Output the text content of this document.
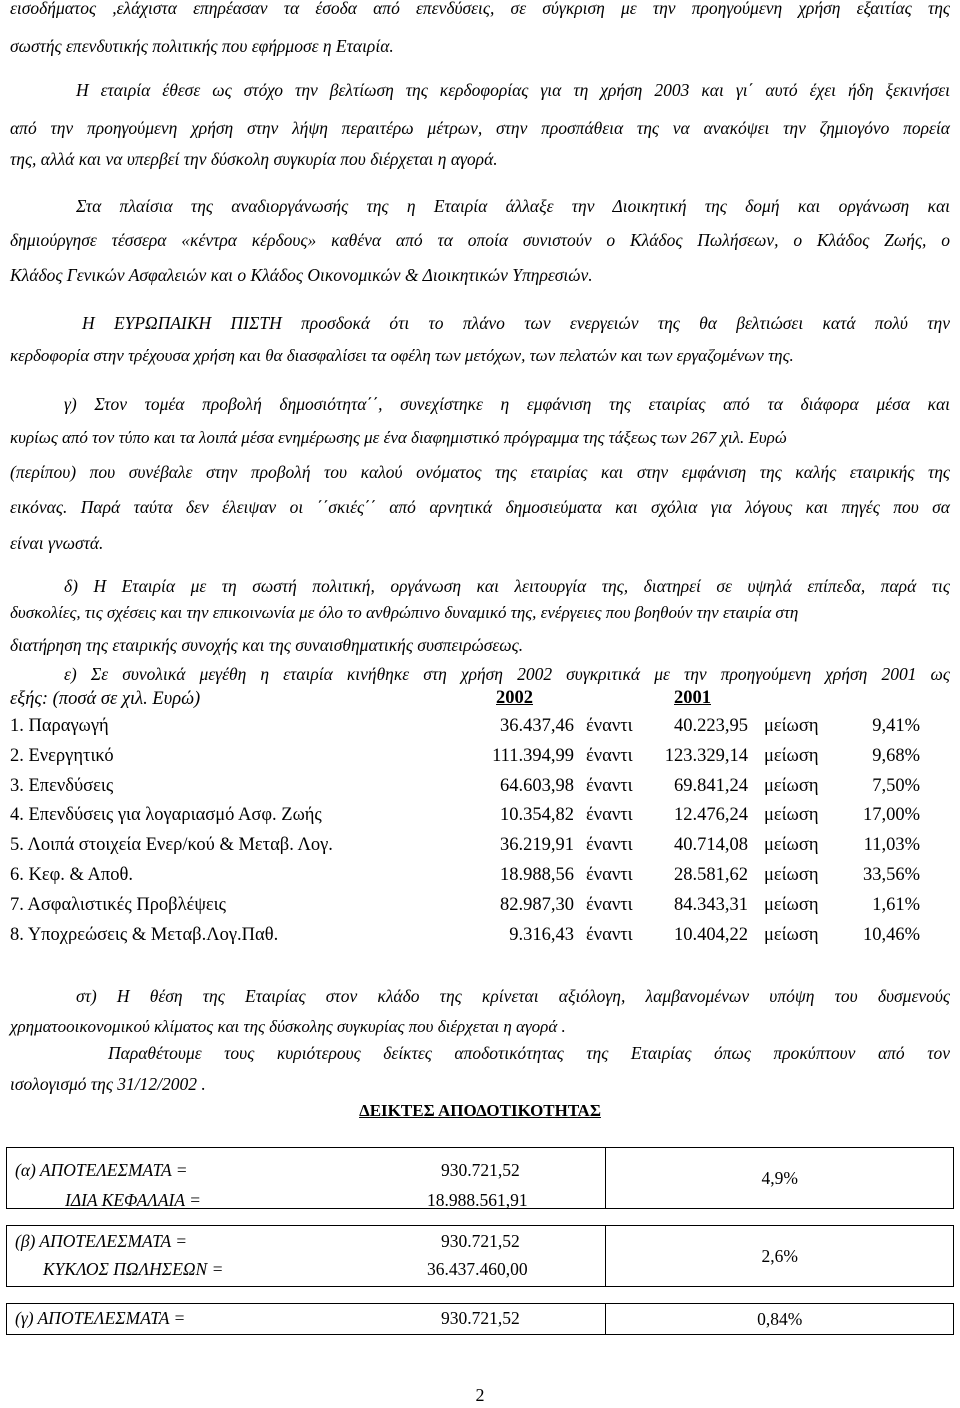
εισοδήματος ,ελάχιστα επηρέασαν τα έσοδα από επενδύσεις, σε σύγκριση με την προηγούμενη χρήση εξαιτίας της
σωστής επενδυτικής πολιτικής που εφήρμοσε η Εταιρία.
Η εταιρία έθεσε ως στόχο την βελτίωση της κερδοφορίας για τη χρήση 2003 και γι΄ αυτό έχει ήδη ξεκινήσει
από την προηγούμενη χρήση στην λήψη περαιτέρω μέτρων, στην προσπάθεια της να ανακόψει την ζημιογόνο πορεία
της, αλλά και να υπερβεί την δύσκολη συγκυρία που διέρχεται η αγορά.
Στα πλαίσια της αναδιοργάνωσής της η Εταιρία άλλαξε την Διοικητική της δομή και οργάνωση και
δημιούργησε τέσσερα «κέντρα κέρδους» καθένα από τα οποία συνιστούν ο Κλάδος Πωλήσεων, ο Κλάδος Ζωής, ο
Κλάδος Γενικών Ασφαλειών και ο Κλάδος Οικονομικών & Διοικητικών Υπηρεσιών.
Η ΕΥΡΩΠΑΙΚΗ ΠΙΣΤΗ προσδοκά ότι το πλάνο των ενεργειών της θα βελτιώσει κατά πολύ την
κερδοφορία στην τρέχουσα χρήση και θα διασφαλίσει τα οφέλη των μετόχων, των πελατών και των εργαζομένων της.
γ) Στον τομέα προβολή δημοσιότητα΄΄, συνεχίστηκε η εμφάνιση της εταιρίας από τα διάφορα μέσα και
κυρίως από τον τύπο και τα λοιπά μέσα ενημέρωσης με ένα διαφημιστικό πρόγραμμα της τάξεως των 267 χιλ. Ευρώ
(περίπου) που συνέβαλε στην προβολή του καλού ονόματος της εταιρίας και στην εμφάνιση της καλής εταιρικής της
εικόνας. Παρά ταύτα δεν έλειψαν οι ΄΄σκιές΄΄ από αρνητικά δημοσιεύματα και σχόλια για λόγους και πηγές που σα
είναι γνωστά.
δ) Η Εταιρία με τη σωστή πολιτική, οργάνωση και λειτουργία της, διατηρεί σε υψηλά επίπεδα, παρά τις
δυσκολίες, τις σχέσεις και την επικοινωνία με όλο το ανθρώπινο δυναμικό της, ενέργειες που βοηθούν την εταιρία στη
διατήρηση της εταιρικής συνοχής και της συναισθηματικής συσπειρώσεως.
ε) Σε συνολικά μεγέθη η εταιρία κινήθηκε στη χρήση 2002 συγκριτικά με την προηγούμενη χρήση 2001 ως
εξής: (ποσά σε χιλ. Ευρώ)	2002	2001
1. Παραγωγή	36.437,46 έναντι 40.223,95 μείωση	9,41%
2. Ενεργητικό	111.394,99 έναντι 123.329,14 μείωση	9,68%
3. Επενδύσεις	64.603,98 έναντι 69.841,24 μείωση	7,50%
4. Επενδύσεις για λογαριασμό Ασφ. Ζωής	10.354,82 έναντι 12.476,24 μείωση 17,00%
5. Λοιπά στοιχεία Ενερ/κού & Μεταβ. Λογ.	36.219,91 έναντι 40.714,08 μείωση 11,03%
6. Κεφ. & Αποθ.	18.988,56 έναντι 28.581,62 μείωση 33,56%
7. Ασφαλιστικές Προβλέψεις	82.987,30 έναντι 84.343,31 μείωση	1,61%
8. Υποχρεώσεις & Μεταβ.Λογ.Παθ.	9.316,43 έναντι 10.404,22 μείωση 10,46%
στ) Η θέση της Εταιρίας στον κλάδο της κρίνεται αξιόλογη, λαμβανομένων υπόψη του δυσμενούς
χρηματοοικονομικού κλίματος και της δύσκολης συγκυρίας που διέρχεται η αγορά .
Παραθέτουμε τους κυριότερους δείκτες αποδοτικότητας της Εταιρίας όπως προκύπτουν από τον
ισολογισμό της 31/12/2002 .
ΔΕΙΚΤΕΣ ΑΠΟΔΟΤΙΚΟΤΗΤΑΣ
(α) ΑΠΟΤΕΛΕΣΜΑΤΑ = 930.721,52
ΙΔΙΑ ΚΕΦΑΛΑΙΑ = 18.988.561,91	4,9%

(β) ΑΠΟΤΕΛΕΣΜΑΤΑ = 930.721,52
ΚΥΚΛΟΣ ΠΩΛΗΣΕΩΝ = 36.437.460,00	2,6%

(γ) ΑΠΟΤΕΛΕΣΜΑΤΑ = 930.721,52	0,84%
2
